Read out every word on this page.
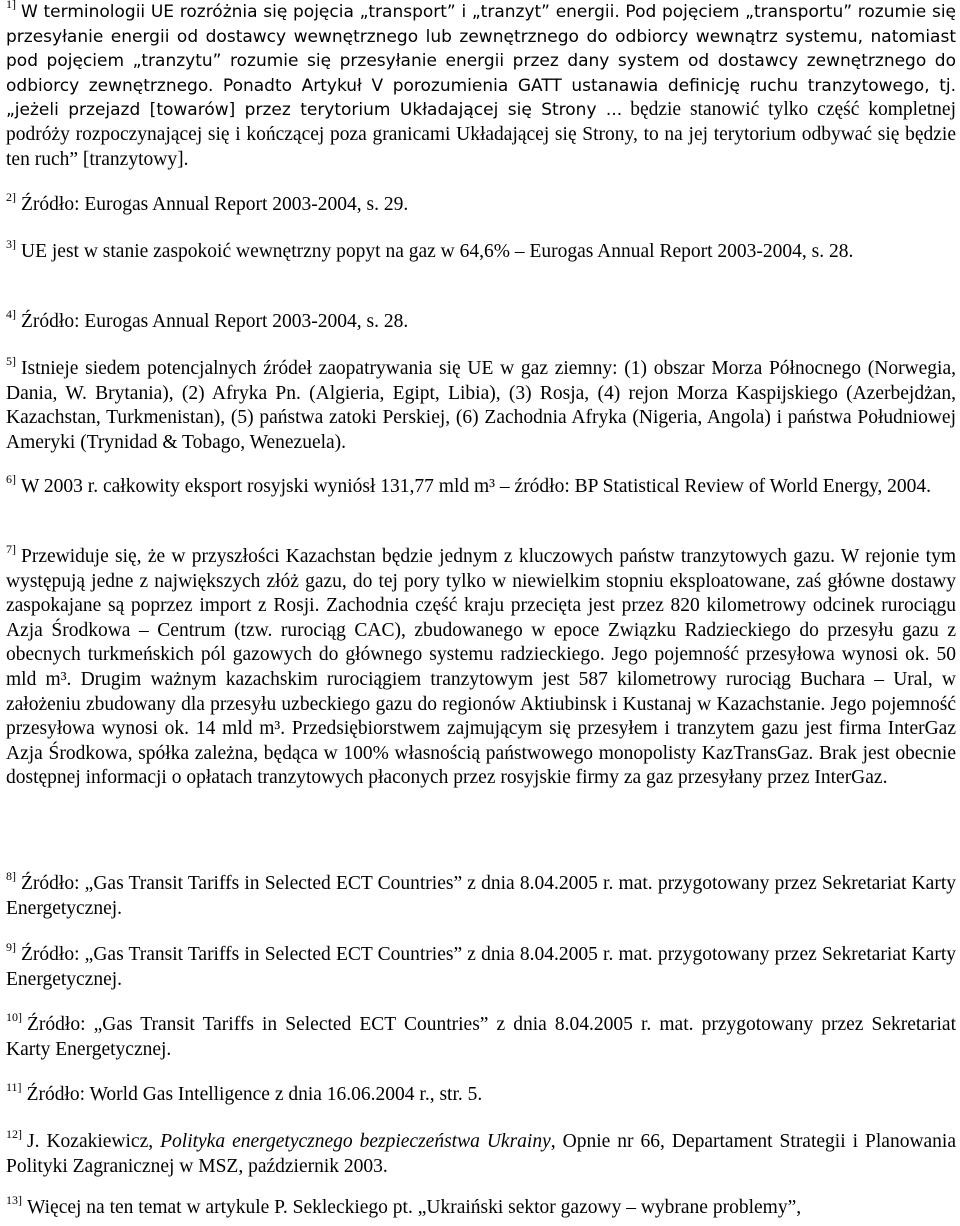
$^{1]}$ W terminologii UE rozróżnia się pojęcia „transport” i „tranzyt” energii. Pod pojęciem „transportu” rozumie się przesyłanie energii od dostawcy wewnętrznego lub zewnętrznego do odbiorcy wewnątrz systemu, natomiast pod pojęciem „tranzytu” rozumie się przesyłanie energii przez dany system od dostawcy zewnętrznego do odbiorcy zewnętrznego. Ponadto Artykuł V porozumienia GATT ustanawia definicję ruchu tranzytowego, tj. „jeżeli przejazd [towarów] przez terytorium Układającej się Strony ... będzie stanowić tylko część kompletnej podróży rozpoczynającej się i kończącej poza granicami Układającej się Strony, to na jej terytorium odbywać się będzie ten ruch” [tranzytowy].
$^{2]}$ Źródło: Eurogas Annual Report 2003-2004, s. 29.
$^{3]}$ UE jest w stanie zaspokoić wewnętrzny popyt na gaz w 64,6% – Eurogas Annual Report 2003-2004, s. 28.
$^{4]}$ Źródło: Eurogas Annual Report 2003-2004, s. 28.
$^{5]}$ Istnieje siedem potencjalnych źródeł zaopatrywania się UE w gaz ziemny: (1) obszar Morza Północnego (Norwegia, Dania, W. Brytania), (2) Afryka Pn. (Algieria, Egipt, Libia), (3) Rosja, (4) rejon Morza Kaspijskiego (Azerbejdżan, Kazachstan, Turkmenistan), (5) państwa zatoki Perskiej, (6) Zachodnia Afryka (Nigeria, Angola) i państwa Południowej Ameryki (Trynidad & Tobago, Wenezuela).
$^{6]}$ W 2003 r. całkowity eksport rosyjski wyniósł 131,77 mld m³ – źródło: BP Statistical Review of World Energy, 2004.
$^{7]}$ Przewiduje się, że w przyszłości Kazachstan będzie jednym z kluczowych państw tranzytowych gazu. W rejonie tym występują jedne z największych złóż gazu, do tej pory tylko w niewielkim stopniu eksploatowane, zaś główne dostawy zaspokajane są poprzez import z Rosji. Zachodnia część kraju przecięta jest przez 820 kilometrowy odcinek rurociągu Azja Środkowa – Centrum (tzw. rurociąg CAC), zbudowanego w epoce Związku Radzieckiego do przesyłu gazu z obecnych turkmeńskich pól gazowych do głównego systemu radzieckiego. Jego pojemność przesyłowa wynosi ok. 50 mld m³. Drugim ważnym kazachskim rurociągiem tranzytowym jest 587 kilometrowy rurociąg Buchara – Ural, w założeniu zbudowany dla przesyłu uzbeckiego gazu do regionów Aktiubinsk i Kustanaj w Kazachstanie. Jego pojemność przesyłowa wynosi ok. 14 mld m³. Przedsiębiorstwem zajmującym się przesyłem i tranzytem gazu jest firma InterGaz Azja Środkowa, spółka zależna, będąca w 100% własnością państwowego monopolisty KazTransGaz. Brak jest obecnie dostępnej informacji o opłatach tranzytowych płaconych przez rosyjskie firmy za gaz przesyłany przez InterGaz.
$^{8]}$ Źródło: „Gas Transit Tariffs in Selected ECT Countries” z dnia 8.04.2005 r. mat. przygotowany przez Sekretariat Karty Energetycznej.
$^{9]}$ Źródło: „Gas Transit Tariffs in Selected ECT Countries” z dnia 8.04.2005 r. mat. przygotowany przez Sekretariat Karty Energetycznej.
$^{10]}$ Źródło: „Gas Transit Tariffs in Selected ECT Countries” z dnia 8.04.2005 r. mat. przygotowany przez Sekretariat Karty Energetycznej.
$^{11]}$ Źródło: World Gas Intelligence z dnia 16.06.2004 r., str. 5.
$^{12]}$ J. Kozakiewicz, Polityka energetycznego bezpieczeństwa Ukrainy, Opnie nr 66, Departament Strategii i Planowania Polityki Zagranicznej w MSZ, październik 2003.
$^{13]}$ Więcej na ten temat w artykule P. Sekleckiego pt. „Ukraiński sektor gazowy – wybrane problemy”,
